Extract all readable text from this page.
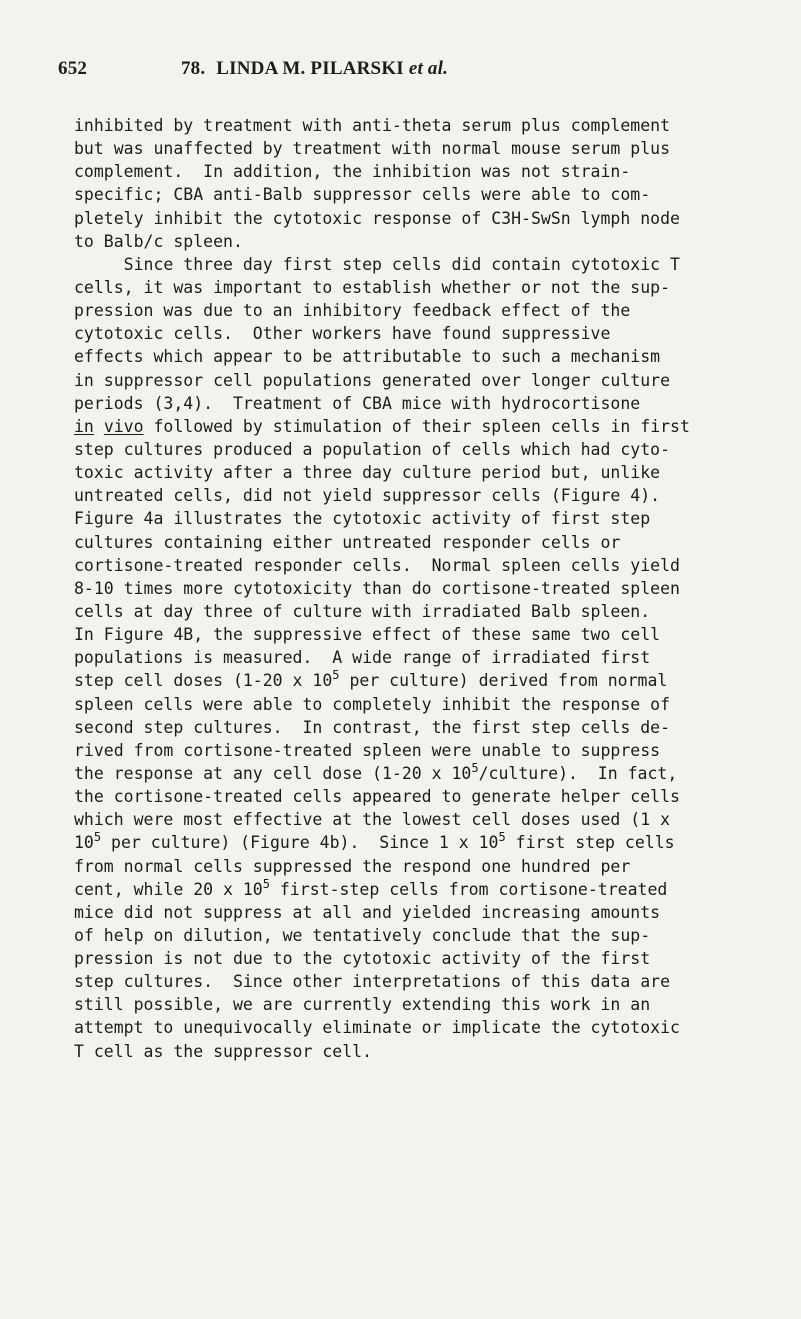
652	78. LINDA M. PILARSKI et al.
inhibited by treatment with anti-theta serum plus complement
but was unaffected by treatment with normal mouse serum plus
complement.  In addition, the inhibition was not strain-
specific; CBA anti-Balb suppressor cells were able to com-
pletely inhibit the cytotoxic response of C3H-SwSn lymph node
to Balb/c spleen.
Since three day first step cells did contain cytotoxic T
cells, it was important to establish whether or not the sup-
pression was due to an inhibitory feedback effect of the
cytotoxic cells.  Other workers have found suppressive
effects which appear to be attributable to such a mechanism
in suppressor cell populations generated over longer culture
periods (3,4).  Treatment of CBA mice with hydrocortisone
in vivo followed by stimulation of their spleen cells in first
step cultures produced a population of cells which had cyto-
toxic activity after a three day culture period but, unlike
untreated cells, did not yield suppressor cells (Figure 4).
Figure 4a illustrates the cytotoxic activity of first step
cultures containing either untreated responder cells or
cortisone-treated responder cells.  Normal spleen cells yield
8-10 times more cytotoxicity than do cortisone-treated spleen
cells at day three of culture with irradiated Balb spleen.
In Figure 4B, the suppressive effect of these same two cell
populations is measured.  A wide range of irradiated first
step cell doses (1-20 x $10^5$ per culture) derived from normal
spleen cells were able to completely inhibit the response of
second step cultures.  In contrast, the first step cells de-
rived from cortisone-treated spleen were unable to suppress
the response at any cell dose (1-20 x $10^5/culture$).  In fact,
the cortisone-treated cells appeared to generate helper cells
which were most effective at the lowest cell doses used (1 x
$10^5$ per culture) (Figure 4b).  Since 1 x $10^5$ first step cells
from normal cells suppressed the respond one hundred per
cent, while 20 x $10^5$ first-step cells from cortisone-treated
mice did not suppress at all and yielded increasing amounts
of help on dilution, we tentatively conclude that the sup-
pression is not due to the cytotoxic activity of the first
step cultures.  Since other interpretations of this data are
still possible, we are currently extending this work in an
attempt to unequivocally eliminate or implicate the cytotoxic
T cell as the suppressor cell.
